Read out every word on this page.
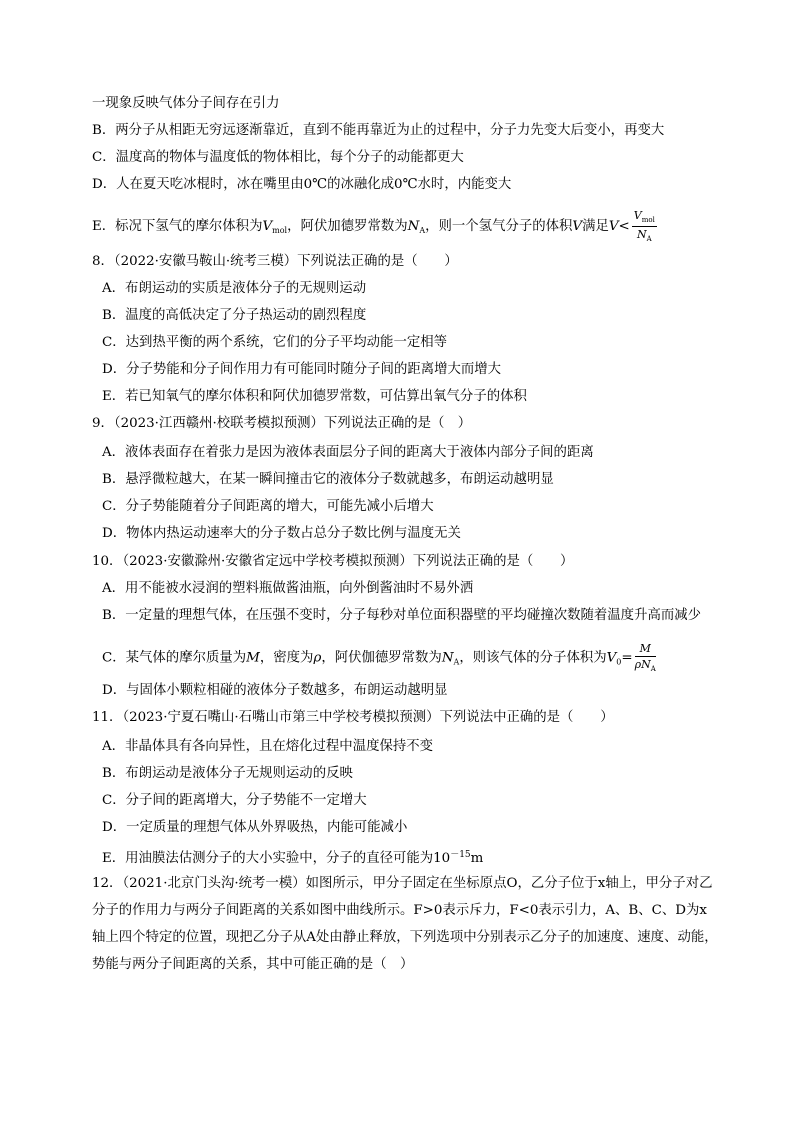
一现象反映气体分子间存在引力
B．两分子从相距无穷远逐渐靠近，直到不能再靠近为止的过程中，分子力先变大后变小，再变大
C．温度高的物体与温度低的物体相比，每个分子的动能都更大
D．人在夏天吃冰棍时，冰在嘴里由0℃的冰融化成0℃水时，内能变大
E．标况下氢气的摩尔体积为$V_{mol}$，阿伏加德罗常数为$N_A$，则一个氢气分子的体积V满足$V< \frac{V_{mol}}{N_A}$
8．（2022·安徽马鞍山·统考三模）下列说法正确的是（　　）
A．布朗运动的实质是液体分子的无规则运动
B．温度的高低决定了分子热运动的剧烈程度
C．达到热平衡的两个系统，它们的分子平均动能一定相等
D．分子势能和分子间作用力有可能同时随分子间的距离增大而增大
E．若已知氧气的摩尔体积和阿伏加德罗常数，可估算出氧气分子的体积
9．（2023·江西赣州·校联考模拟预测）下列说法正确的是（　）
A．液体表面存在着张力是因为液体表面层分子间的距离大于液体内部分子间的距离
B．悬浮微粒越大，在某一瞬间撞击它的液体分子数就越多，布朗运动越明显
C．分子势能随着分子间距离的增大，可能先减小后增大
D．物体内热运动速率大的分子数占总分子数比例与温度无关
10．（2023·安徽滁州·安徽省定远中学校考模拟预测）下列说法正确的是（　　）
A．用不能被水浸润的塑料瓶做酱油瓶，向外倒酱油时不易外洒
B．一定量的理想气体，在压强不变时，分子每秒对单位面积器壁的平均碰撞次数随着温度升高而减少
C．某气体的摩尔质量为M，密度为ρ，阿伏伽德罗常数为$N_A$，则该气体的分子体积为$V_0= \frac{M}{\rho N_A}$
D．与固体小颗粒相碰的液体分子数越多，布朗运动越明显
11．（2023·宁夏石嘴山·石嘴山市第三中学校考模拟预测）下列说法中正确的是（　　）
A．非晶体具有各向异性，且在熔化过程中温度保持不变
B．布朗运动是液体分子无规则运动的反映
C．分子间的距离增大，分子势能不一定增大
D．一定质量的理想气体从外界吸热，内能可能减小
E．用油膜法估测分子的大小实验中，分子的直径可能为$10^{-15}m$
12．（2021·北京门头沟·统考一模）如图所示，甲分子固定在坐标原点O，乙分子位于x轴上，甲分子对乙
分子的作用力与两分子间距离的关系如图中曲线所示。F>0表示斥力，F<0表示引力，A、B、C、D为x
轴上四个特定的位置，现把乙分子从A处由静止释放，下列选项中分别表示乙分子的加速度、速度、动能，
势能与两分子间距离的关系，其中可能正确的是（　）
